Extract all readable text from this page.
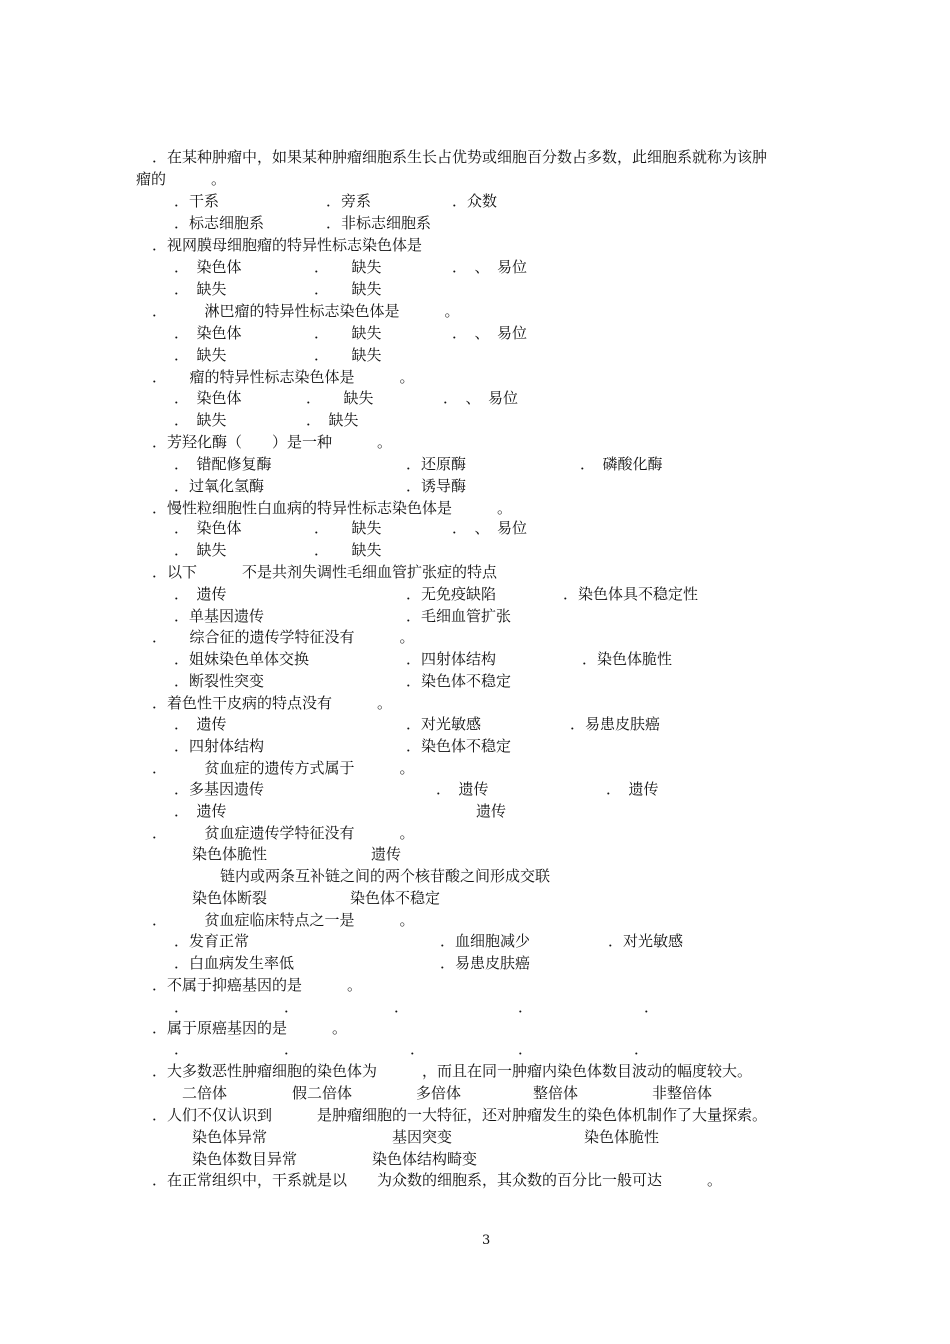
．在某种肿瘤中，如果某种肿瘤细胞系生长占优势或细胞百分数占多数，此细胞系就称为该肿
瘤的　　　。
．干系	．旁系	．众数
．标志细胞系	．非标志细胞系
．视网膜母细胞瘤的特异性标志染色体是
．　染色体	．　　缺失	．　、　易位
．　缺失	．　　缺失
．　　　淋巴瘤的特异性标志染色体是　　　。
．　染色体	．　　缺失	．　、　易位
．　缺失	．　　缺失
．　　瘤的特异性标志染色体是　　　。
．　染色体	．　　缺失	．　、　易位
．　缺失	．　缺失
．芳羟化酶（　　）是一种　　　。
．　错配修复酶	．还原酶	．　磷酸化酶
．过氧化氢酶	．诱导酶
．慢性粒细胞性白血病的特异性标志染色体是　　　。
．　染色体	．　　缺失	．　、　易位
．　缺失	．　　缺失
．以下　　　不是共剂失调性毛细血管扩张症的特点
．　遗传	．无免疫缺陷	．染色体具不稳定性
．单基因遗传	．毛细血管扩张
．　　综合征的遗传学特征没有　　　。
．姐妹染色单体交换	．四射体结构	．染色体脆性
．断裂性突变	．染色体不稳定
．着色性干皮病的特点没有　　　。
．　遗传	．对光敏感	．易患皮肤癌
．四射体结构	．染色体不稳定
．　　　贫血症的遗传方式属于　　　。
．多基因遗传	．　遗传	．　遗传
．　遗传	遗传
．　　　贫血症遗传学特征没有　　　。
染色体脆性	遗传
链内或两条互补链之间的两个核苷酸之间形成交联
染色体断裂	染色体不稳定
．　　　贫血症临床特点之一是　　　。
．发育正常	．血细胞减少	．对光敏感
．白血病发生率低	．易患皮肤癌
．不属于抑癌基因的是　　　。
．	．	．	．	．
．属于原癌基因的是　　　。
．	．	．	．	．
．大多数恶性肿瘤细胞的染色体为　　　，而且在同一肿瘤内染色体数目波动的幅度较大。
二倍体	假二倍体	多倍体	整倍体	非整倍体
．人们不仅认识到　　　是肿瘤细胞的一大特征，还对肿瘤发生的染色体机制作了大量探索。
染色体异常	基因突变	染色体脆性
染色体数目异常	染色体结构畸变
．在正常组织中，干系就是以　　为众数的细胞系，其众数的百分比一般可达　　　。
3
